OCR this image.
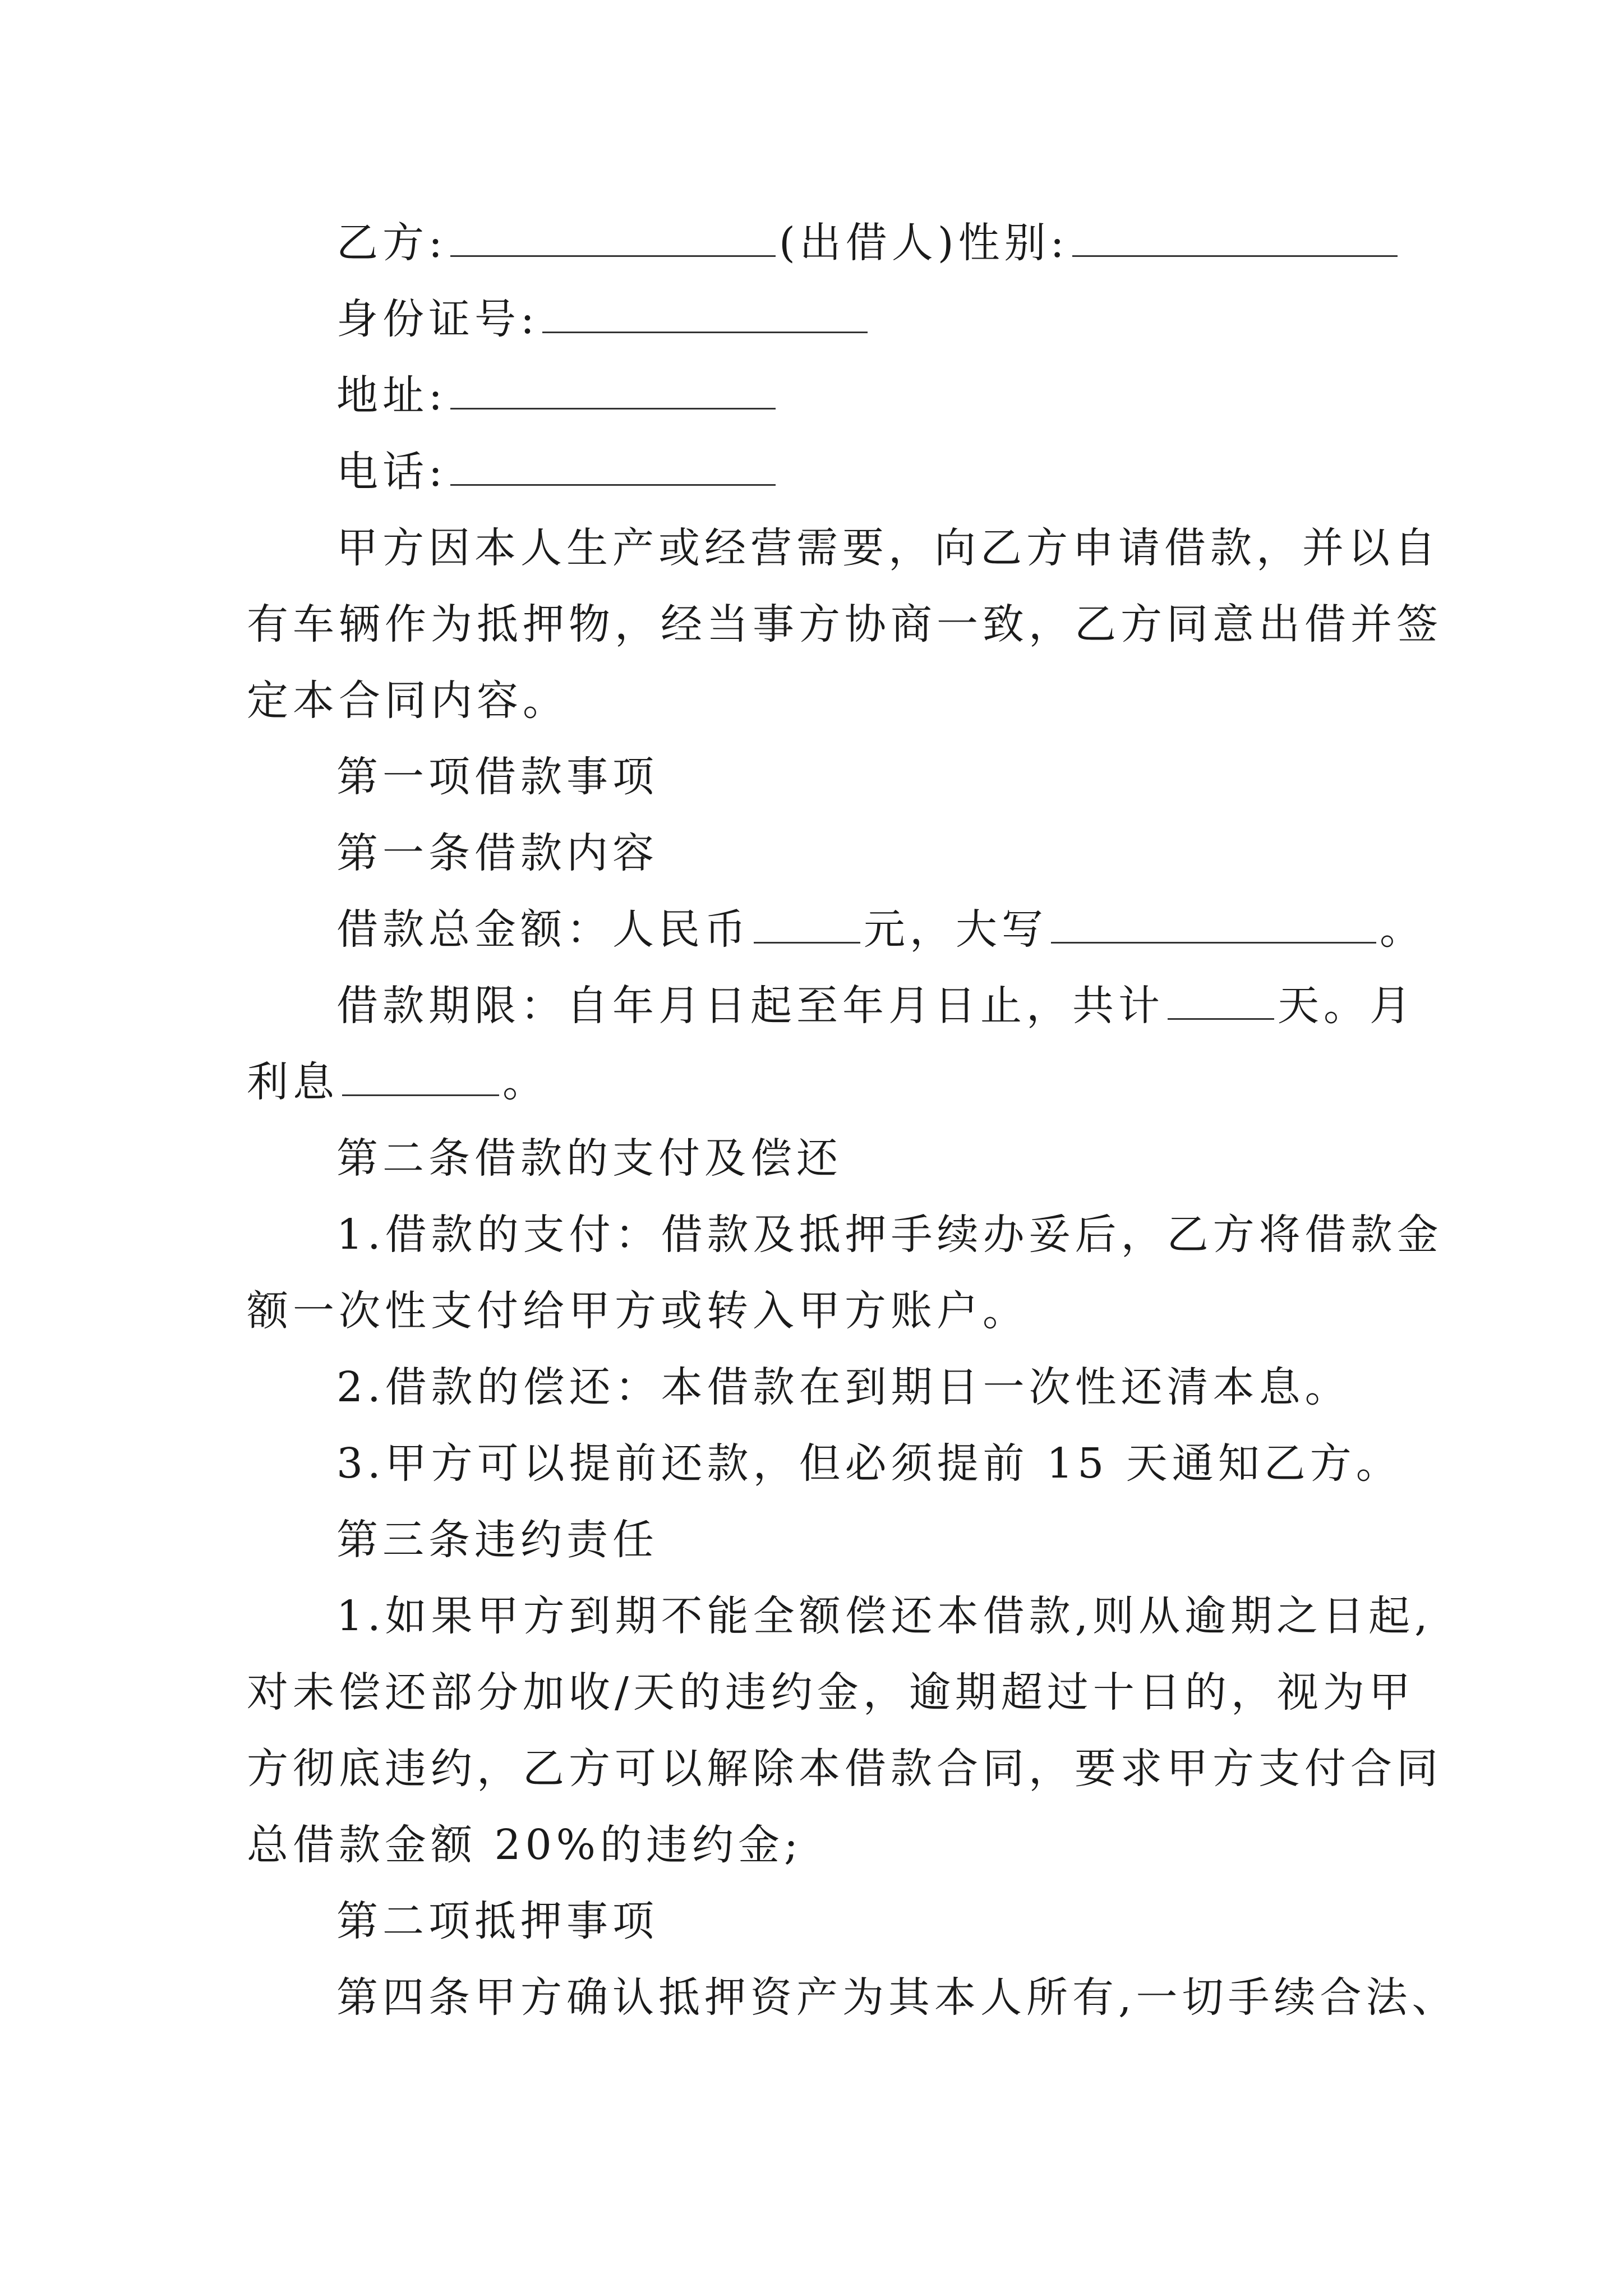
乙方:	(出借人)性别:
身份证号:
地址:
电话:
甲方因本人生产或经营需要，向乙方申请借款，并以自
有车辆作为抵押物，经当事方协商一致，乙方同意出借并签
定本合同内容。
第一项借款事项
第一条借款内容
借款总金额：人民币	元，大写	。
借款期限：自年月日起至年月日止，共计	天。月
利息	。
第二条借款的支付及偿还
1.借款的支付：借款及抵押手续办妥后，乙方将借款金
额一次性支付给甲方或转入甲方账户。
2.借款的偿还：本借款在到期日一次性还清本息。
3.甲方可以提前还款，但必须提前 15 天通知乙方。
第三条违约责任
1.如果甲方到期不能全额偿还本借款,则从逾期之日起,
对未偿还部分加收/天的违约金，逾期超过十日的，视为甲
方彻底违约，乙方可以解除本借款合同，要求甲方支付合同
总借款金额 20%的违约金;
第二项抵押事项
第四条甲方确认抵押资产为其本人所有,一切手续合法、
